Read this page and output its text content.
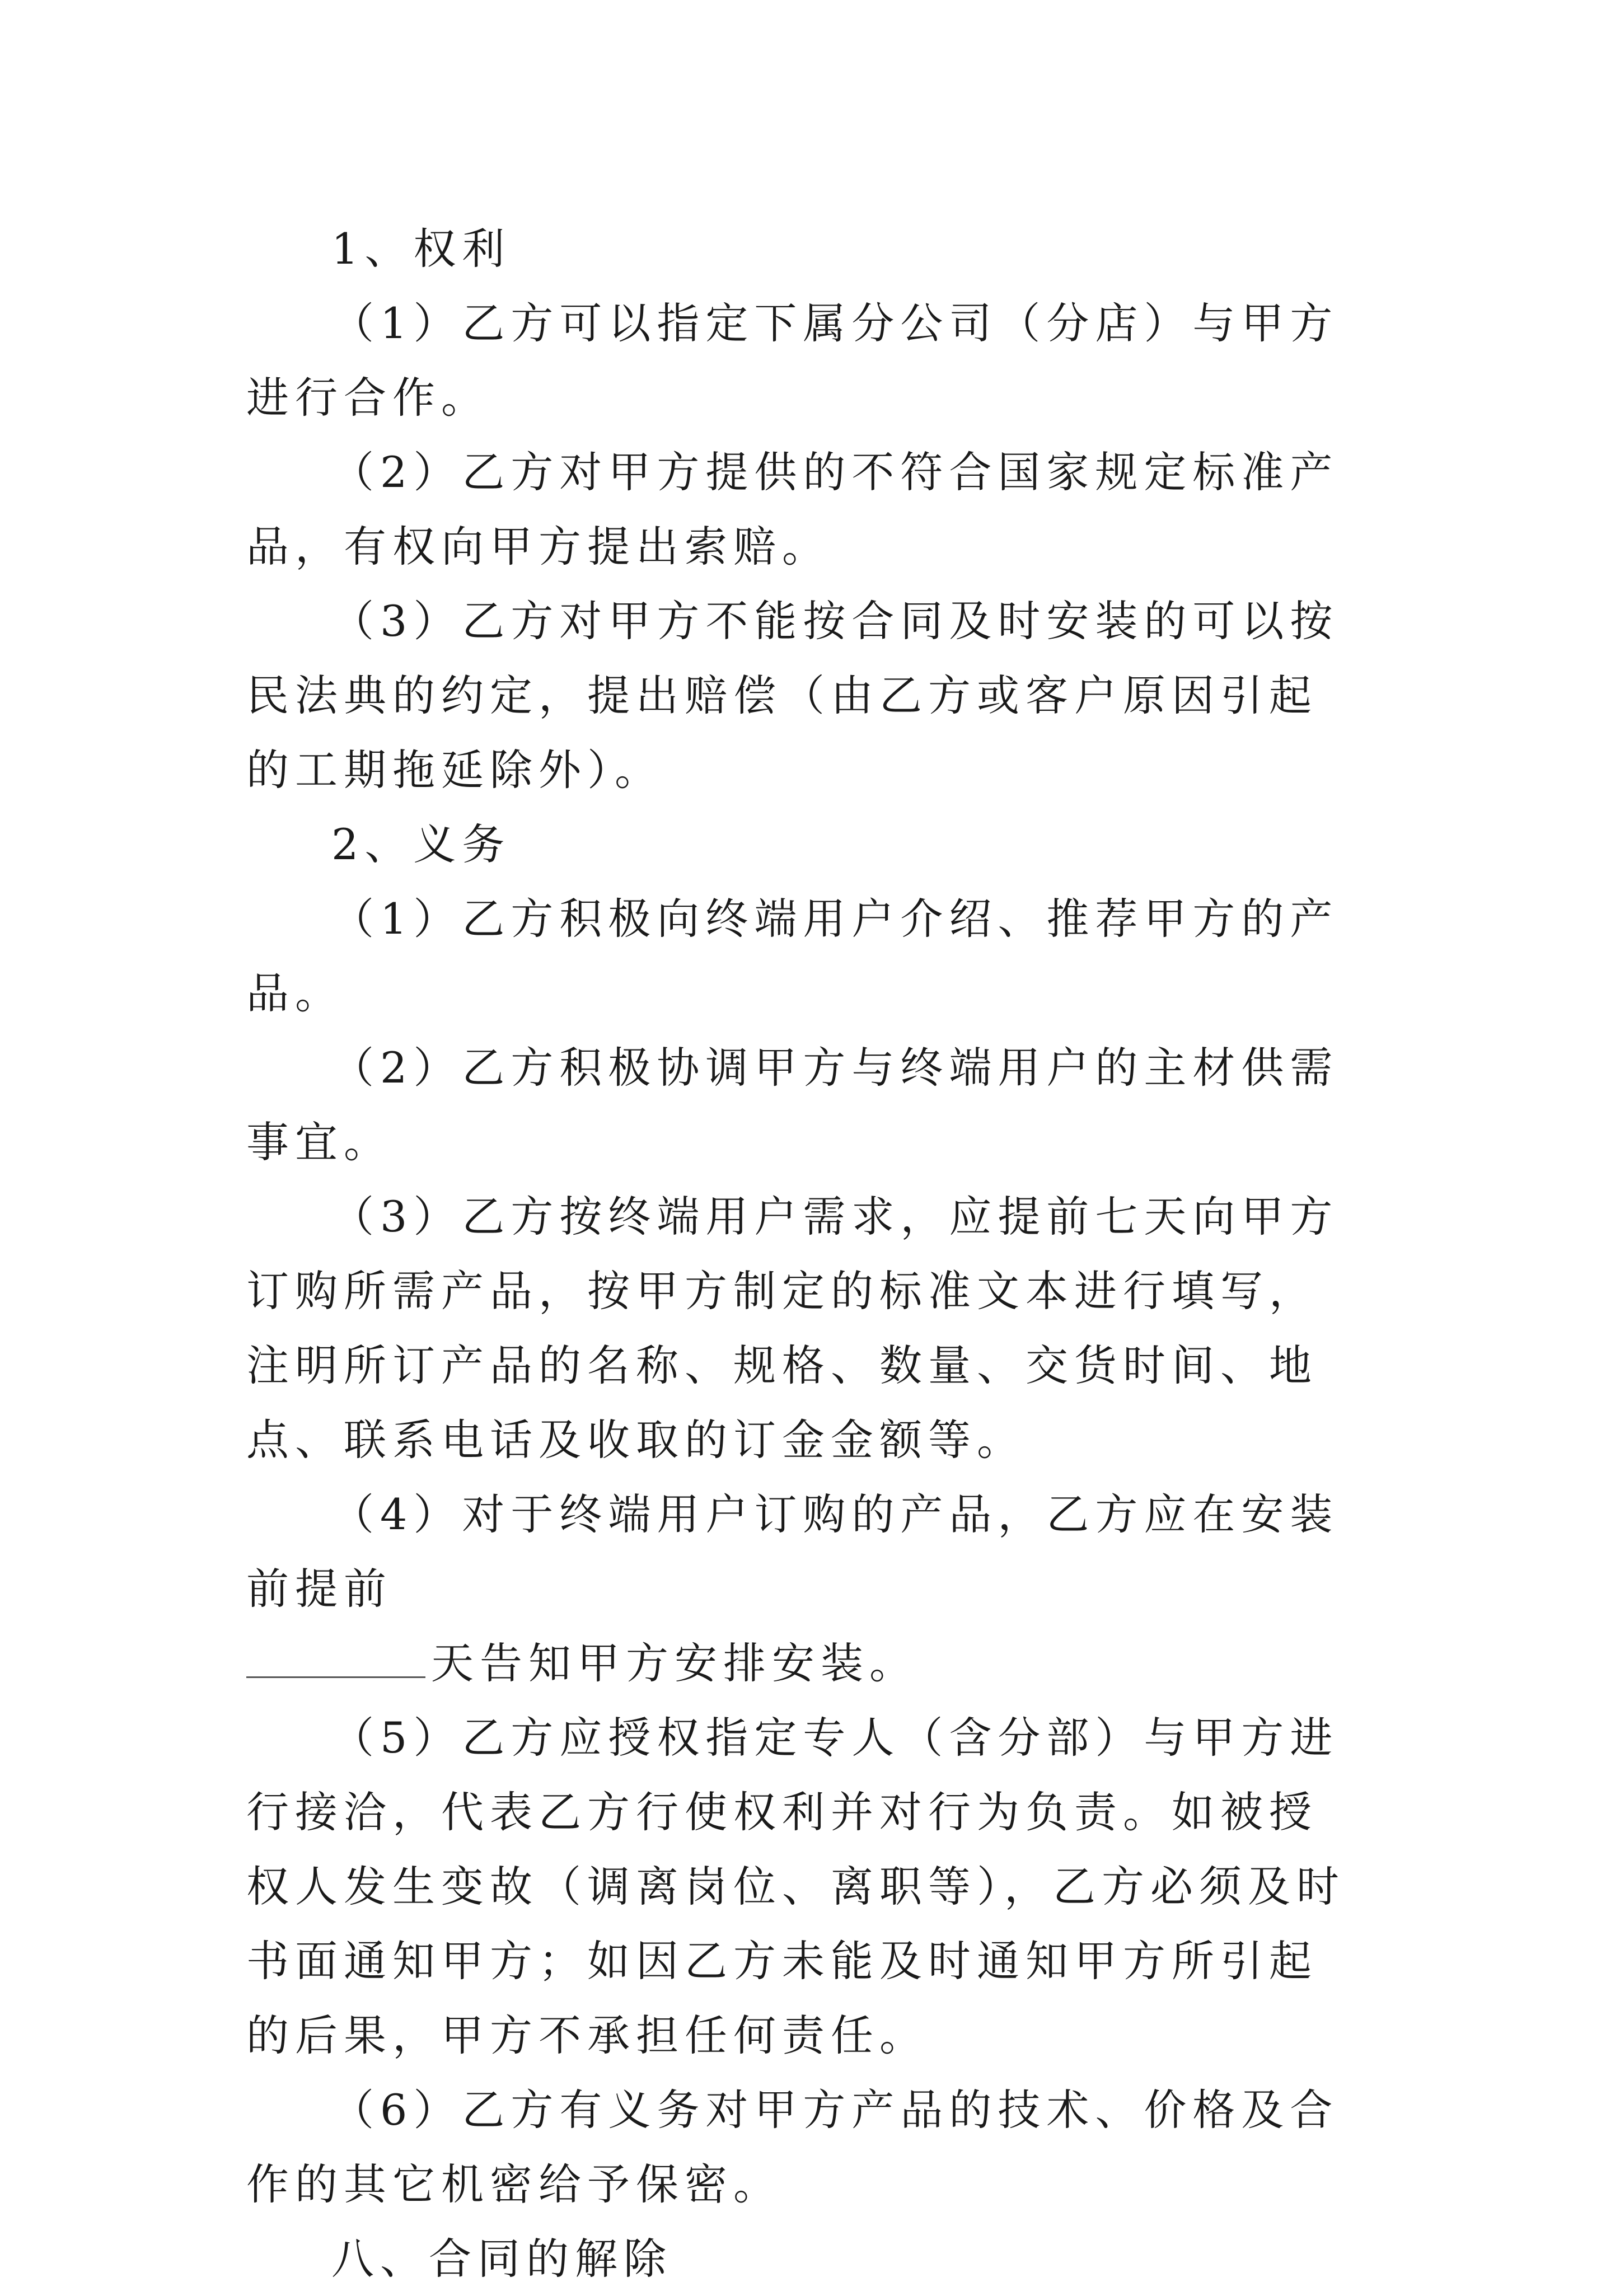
1、权利

（1）乙方可以指定下属分公司（分店）与甲方进行合作。

（2）乙方对甲方提供的不符合国家规定标准产品，有权向甲方提出索赔。

（3）乙方对甲方不能按合同及时安装的可以按民法典的约定，提出赔偿（由乙方或客户原因引起的工期拖延除外）。

2、义务

（1）乙方积极向终端用户介绍、推荐甲方的产品。

（2）乙方积极协调甲方与终端用户的主材供需事宜。

（3）乙方按终端用户需求，应提前七天向甲方订购所需产品，按甲方制定的标准文本进行填写，注明所订产品的名称、规格、数量、交货时间、地点、联系电话及收取的订金金额等。

（4）对于终端用户订购的产品，乙方应在安装前提前

天告知甲方安排安装。

（5）乙方应授权指定专人（含分部）与甲方进行接洽，代表乙方行使权利并对行为负责。如被授权人发生变故（调离岗位、离职等），乙方必须及时书面通知甲方；如因乙方未能及时通知甲方所引起的后果，甲方不承担任何责任。

（6）乙方有义务对甲方产品的技术、价格及合作的其它机密给予保密。

八、合同的解除
